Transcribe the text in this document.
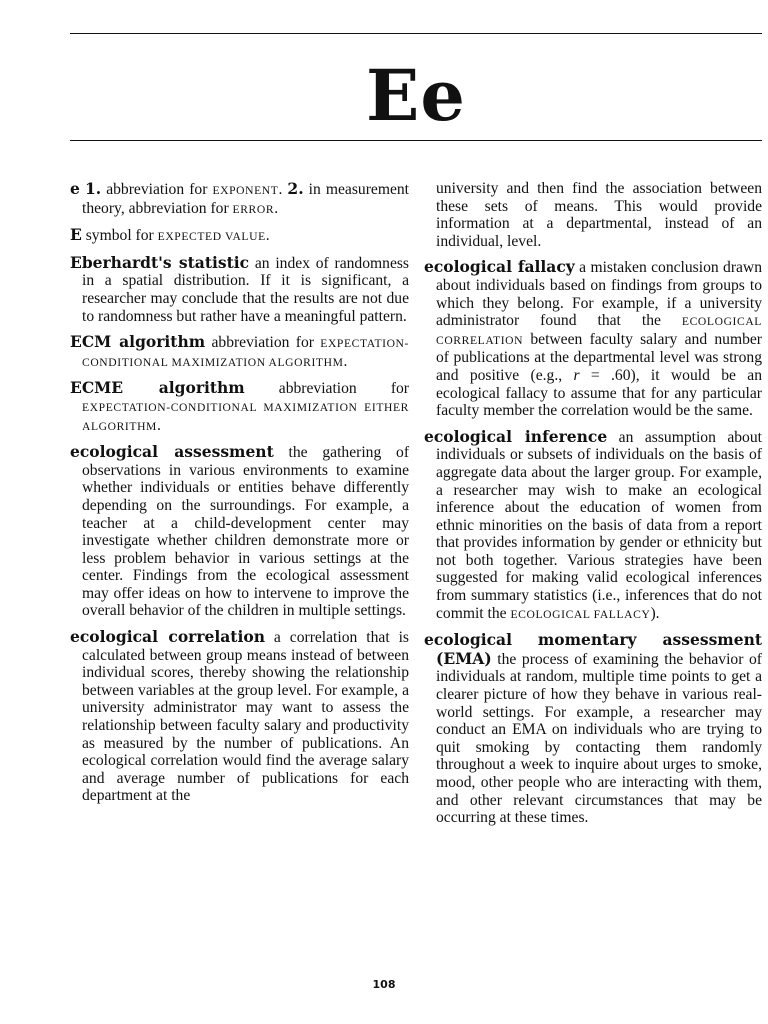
Ee

e 1. abbreviation for EXPONENT. 2. in measurement theory, abbreviation for ERROR.

E symbol for EXPECTED VALUE.

Eberhardt's statistic an index of randomness in a spatial distribution. If it is significant, a researcher may conclude that the results are not due to randomness but rather have a meaningful pattern.

ECM algorithm abbreviation for EXPECTATION-CONDITIONAL MAXIMIZATION ALGORITHM.

ECME algorithm abbreviation for EXPECTATION-CONDITIONAL MAXIMIZATION EITHER ALGORITHM.

ecological assessment the gathering of observations in various environments to examine whether individuals or entities behave differently depending on the surroundings. For example, a teacher at a child-development center may investigate whether children demonstrate more or less problem behavior in various settings at the center. Findings from the ecological assessment may offer ideas on how to intervene to improve the overall behavior of the children in multiple settings.

ecological correlation a correlation that is calculated between group means instead of between individual scores, thereby showing the relationship between variables at the group level. For example, a university administrator may want to assess the relationship between faculty salary and productivity as measured by the number of publications. An ecological correlation would find the average salary and average number of publications for each department at the

university and then find the association between these sets of means. This would provide information at a departmental, instead of an individual, level.

ecological fallacy a mistaken conclusion drawn about individuals based on findings from groups to which they belong. For example, if a university administrator found that the ECOLOGICAL CORRELATION between faculty salary and number of publications at the departmental level was strong and positive (e.g., r = .60), it would be an ecological fallacy to assume that for any particular faculty member the correlation would be the same.

ecological inference an assumption about individuals or subsets of individuals on the basis of aggregate data about the larger group. For example, a researcher may wish to make an ecological inference about the education of women from ethnic minorities on the basis of data from a report that provides information by gender or ethnicity but not both together. Various strategies have been suggested for making valid ecological inferences from summary statistics (i.e., inferences that do not commit the ECOLOGICAL FALLACY).

ecological momentary assessment (EMA) the process of examining the behavior of individuals at random, multiple time points to get a clearer picture of how they behave in various real-world settings. For example, a researcher may conduct an EMA on individuals who are trying to quit smoking by contacting them randomly throughout a week to inquire about urges to smoke, mood, other people who are interacting with them, and other relevant circumstances that may be occurring at these times.

108
